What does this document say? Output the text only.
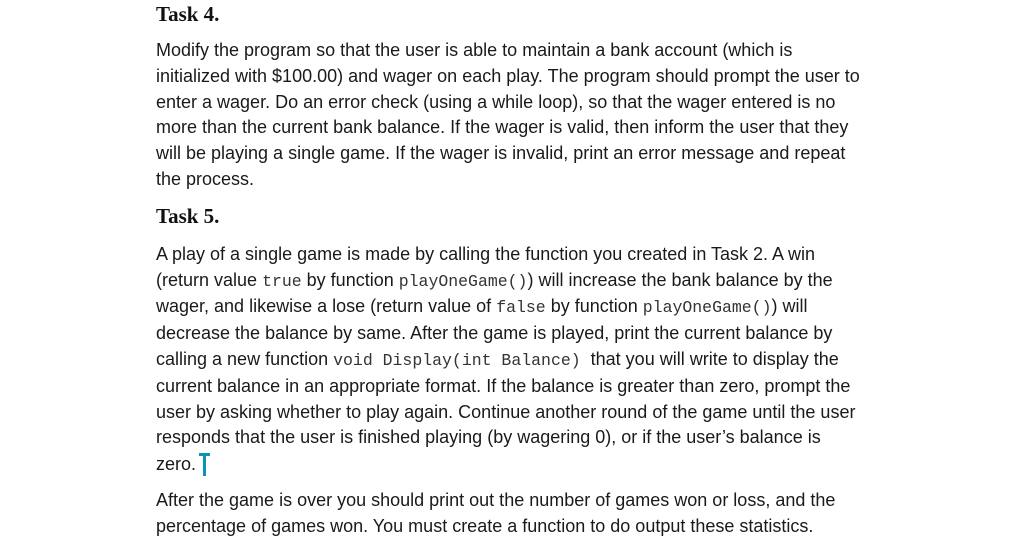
Task 4.

Modify the program so that the user is able to maintain a bank account (which is
initialized with $100.00) and wager on each play. The program should prompt the user to
enter a wager. Do an error check (using a while loop), so that the wager entered is no
more than the current bank balance. If the wager is valid, then inform the user that they
will be playing a single game. If the wager is invalid, print an error message and repeat
the process.

Task 5.

A play of a single game is made by calling the function you created in Task 2. A win
(return value true by function playOneGame()) will increase the bank balance by the
wager, and likewise a lose (return value of false by function playOneGame()) will
decrease the balance by same. After the game is played, print the current balance by
calling a new function void Display(int Balance)  that you will write to display the
current balance in an appropriate format. If the balance is greater than zero, prompt the
user by asking whether to play again. Continue another round of the game until the user
responds that the user is finished playing (by wagering 0), or if the user’s balance is
zero.

After the game is over you should print out the number of games won or loss, and the
percentage of games won. You must create a function to do output these statistics.
